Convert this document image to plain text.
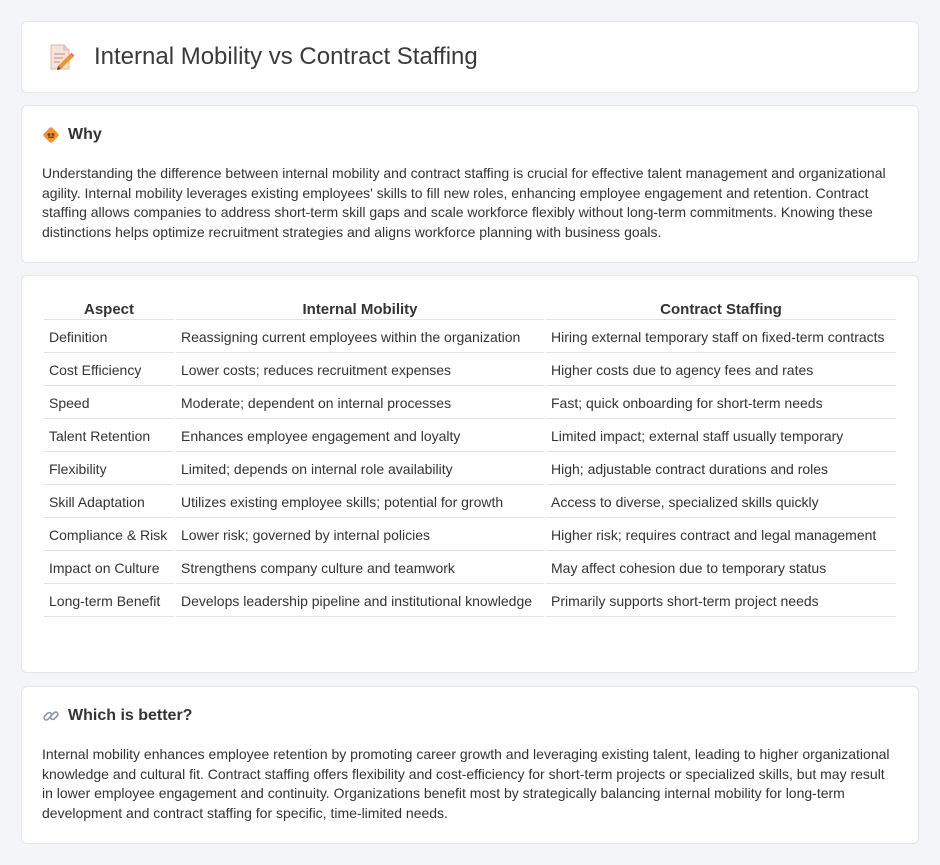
Internal Mobility vs Contract Staffing
Why

Understanding the difference between internal mobility and contract staffing is crucial for effective talent management and organizational agility. Internal mobility leverages existing employees' skills to fill new roles, enhancing employee engagement and retention. Contract staffing allows companies to address short-term skill gaps and scale workforce flexibly without long-term commitments. Knowing these distinctions helps optimize recruitment strategies and aligns workforce planning with business goals.

Aspect	Internal Mobility	Contract Staffing
Definition	Reassigning current employees within the organization	Hiring external temporary staff on fixed-term contracts
Cost Efficiency	Lower costs; reduces recruitment expenses	Higher costs due to agency fees and rates
Speed	Moderate; dependent on internal processes	Fast; quick onboarding for short-term needs
Talent Retention	Enhances employee engagement and loyalty	Limited impact; external staff usually temporary
Flexibility	Limited; depends on internal role availability	High; adjustable contract durations and roles
Skill Adaptation	Utilizes existing employee skills; potential for growth	Access to diverse, specialized skills quickly
Compliance & Risk	Lower risk; governed by internal policies	Higher risk; requires contract and legal management
Impact on Culture	Strengthens company culture and teamwork	May affect cohesion due to temporary status
Long-term Benefit	Develops leadership pipeline and institutional knowledge	Primarily supports short-term project needs
Which is better?

Internal mobility enhances employee retention by promoting career growth and leveraging existing talent, leading to higher organizational knowledge and cultural fit. Contract staffing offers flexibility and cost-efficiency for short-term projects or specialized skills, but may result in lower employee engagement and continuity. Organizations benefit most by strategically balancing internal mobility for long-term development and contract staffing for specific, time-limited needs.
